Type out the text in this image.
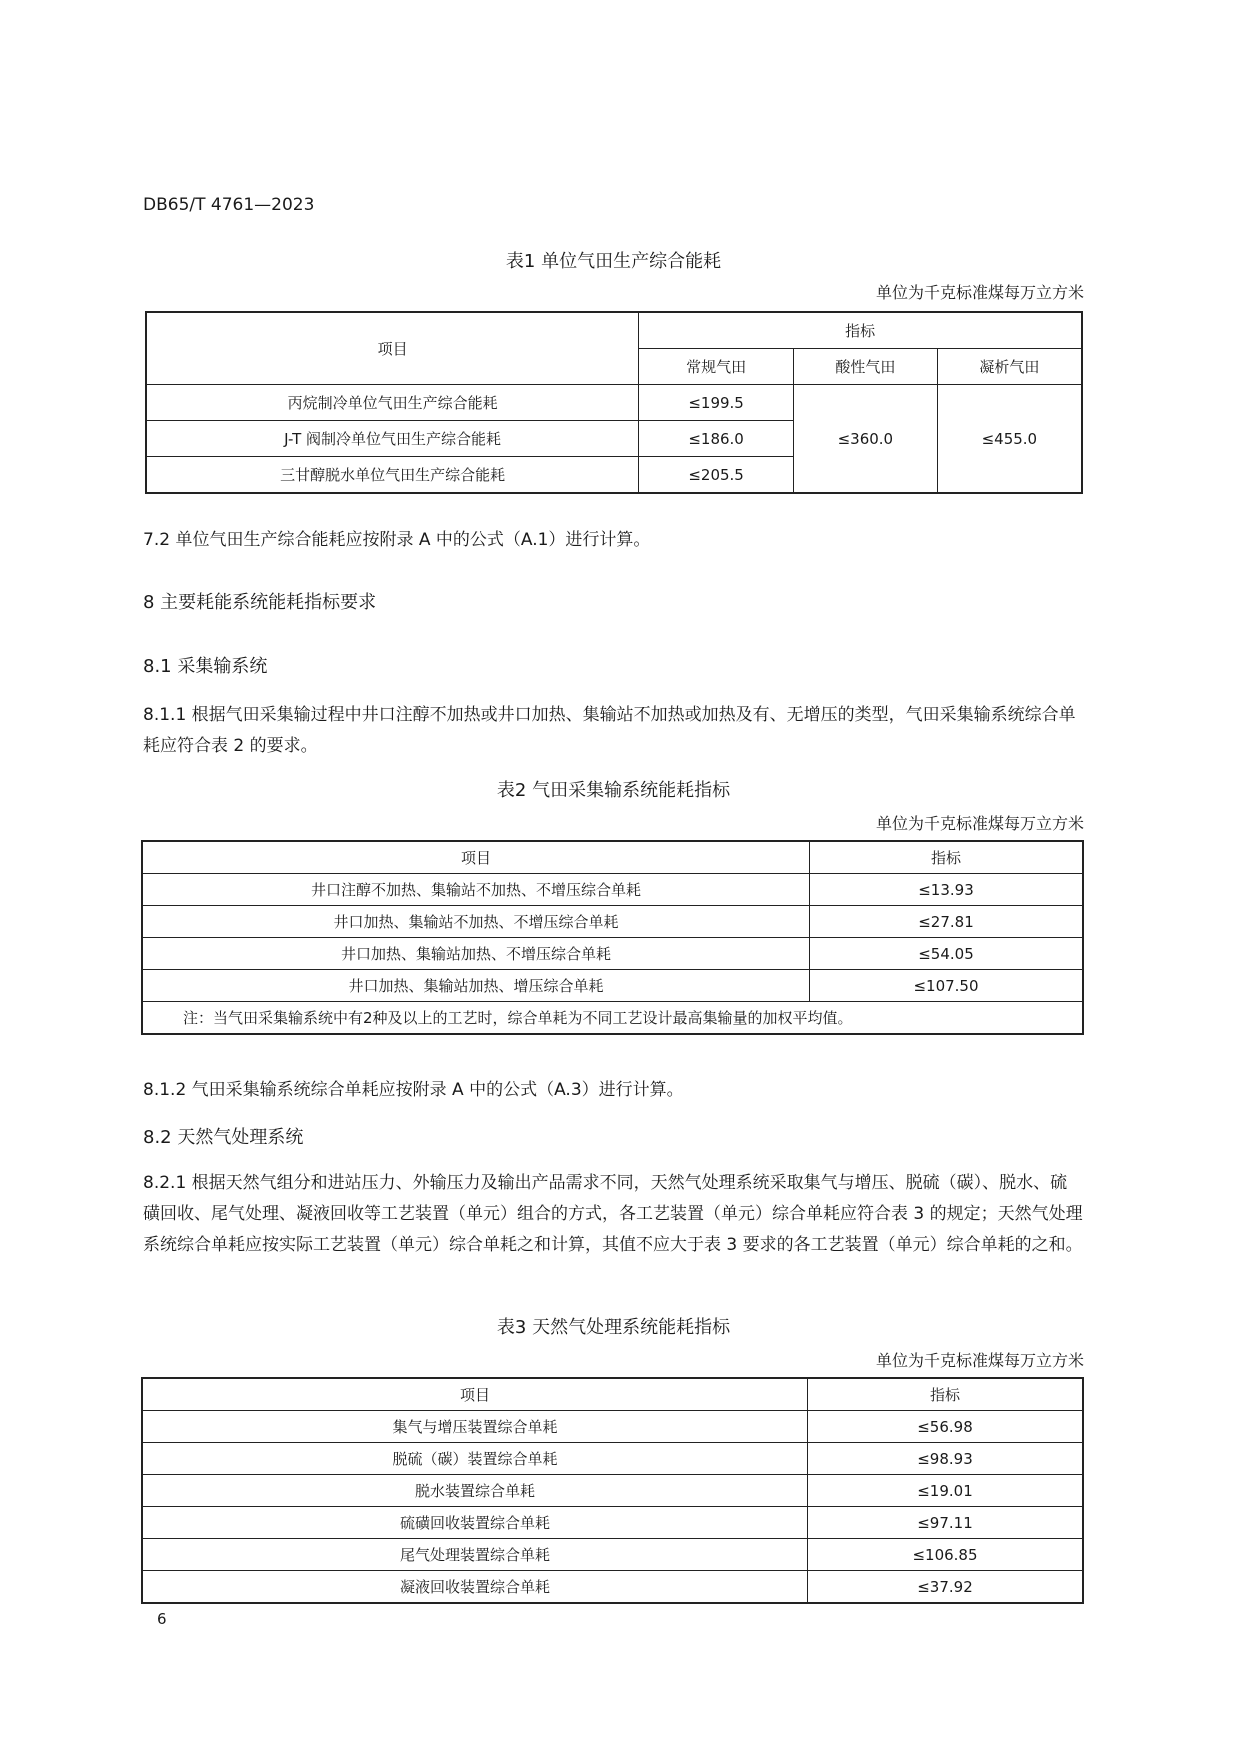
DB65/T 4761—2023
表1 单位气田生产综合能耗
单位为千克标准煤每万立方米
项目	指标		
	常规气田	酸性气田	凝析气田
丙烷制冷单位气田生产综合能耗	≤199.5	≤360.0	≤455.0
J-T 阀制冷单位气田生产综合能耗	≤186.0		
三甘醇脱水单位气田生产综合能耗	≤205.5		
7.2 单位气田生产综合能耗应按附录 A 中的公式（A.1）进行计算。
8 主要耗能系统能耗指标要求
8.1 采集输系统
8.1.1 根据气田采集输过程中井口注醇不加热或井口加热、集输站不加热或加热及有、无增压的类型，气田采集输系统综合单耗应符合表 2 的要求。
表2 气田采集输系统能耗指标
单位为千克标准煤每万立方米
项目	指标
井口注醇不加热、集输站不加热、不增压综合单耗	≤13.93
井口加热、集输站不加热、不增压综合单耗	≤27.81
井口加热、集输站加热、不增压综合单耗	≤54.05
井口加热、集输站加热、增压综合单耗	≤107.50
注：当气田采集输系统中有2种及以上的工艺时，综合单耗为不同工艺设计最高集输量的加权平均值。	
8.1.2 气田采集输系统综合单耗应按附录 A 中的公式（A.3）进行计算。
8.2 天然气处理系统
8.2.1 根据天然气组分和进站压力、外输压力及输出产品需求不同，天然气处理系统采取集气与增压、脱硫（碳）、脱水、硫磺回收、尾气处理、凝液回收等工艺装置（单元）组合的方式，各工艺装置（单元）综合单耗应符合表 3 的规定；天然气处理系统综合单耗应按实际工艺装置（单元）综合单耗之和计算，其值不应大于表 3 要求的各工艺装置（单元）综合单耗的之和。
表3 天然气处理系统能耗指标
单位为千克标准煤每万立方米
项目	指标
集气与增压装置综合单耗	≤56.98
脱硫（碳）装置综合单耗	≤98.93
脱水装置综合单耗	≤19.01
硫磺回收装置综合单耗	≤97.11
尾气处理装置综合单耗	≤106.85
凝液回收装置综合单耗	≤37.92
6
